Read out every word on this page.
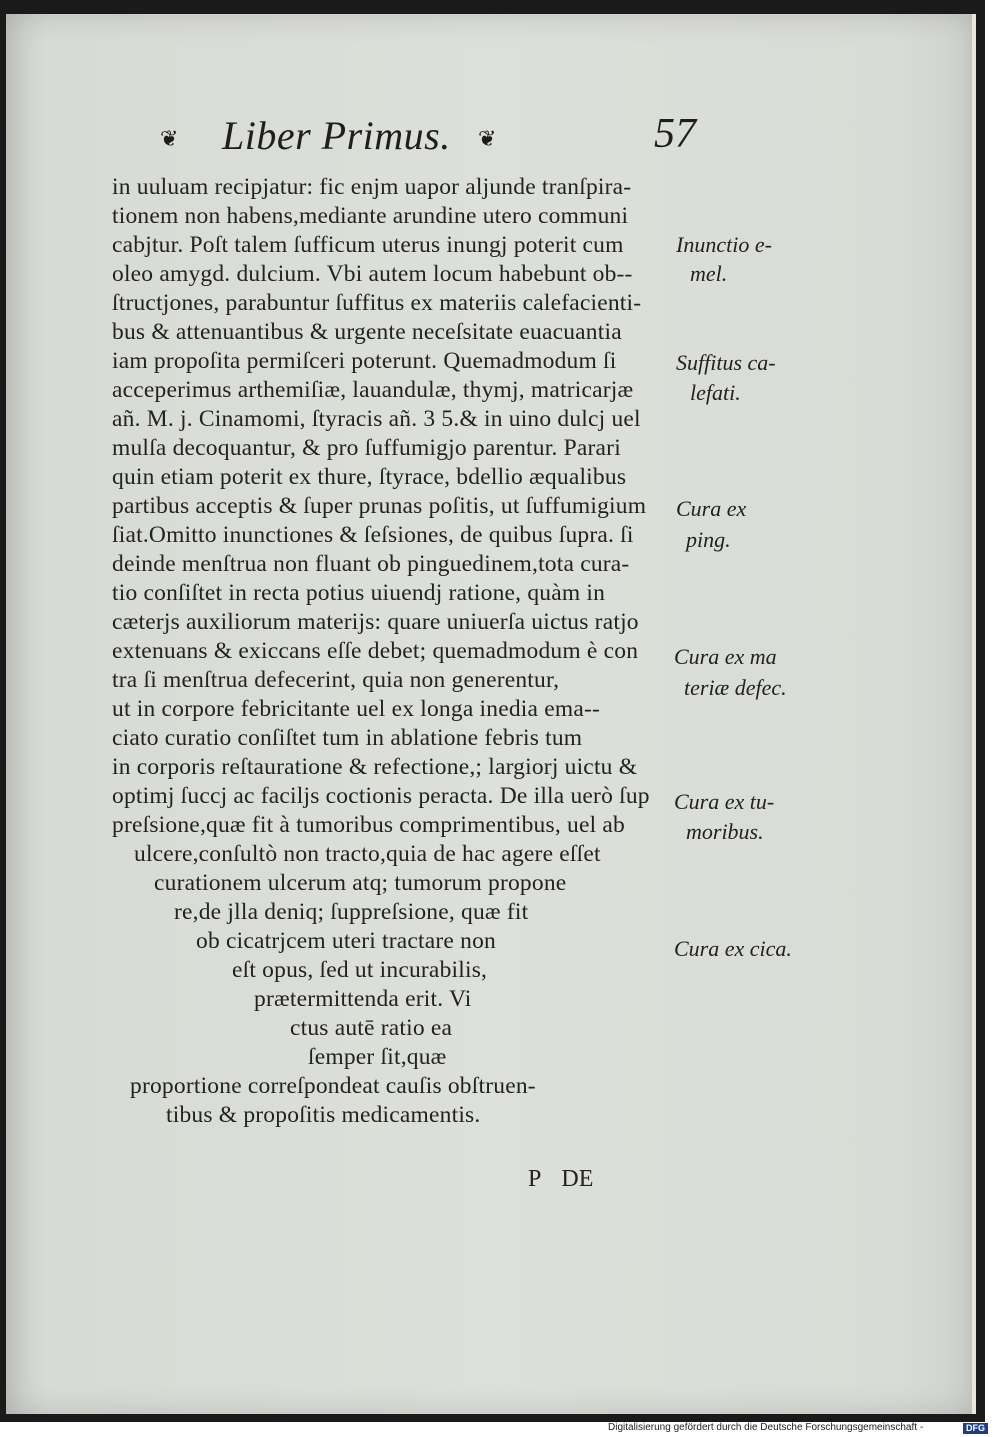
❦ Liber Primus. ❦	57
in uuluam recipjatur: fic enjm uapor aljunde tranſpira-
tionem non habens,mediante arundine utero communi
cabjtur. Poſt talem ſufficum uterus inungj poterit cum
oleo amygd. dulcium. Vbi autem locum habebunt ob--
ſtructjones, parabuntur ſuffitus ex materiis calefacienti-
bus & attenuantibus & urgente neceſsitate euacuantia
iam propoſita permiſceri poterunt. Quemadmodum ſi
acceperimus arthemiſiæ, lauandulæ, thymj, matricarjæ
añ. M. j. Cinamomi, ſtyracis añ. 3 5.& in uino dulcj uel
mulſa decoquantur, & pro ſuffumigjo parentur. Parari
quin etiam poterit ex thure, ſtyrace, bdellio æqualibus
partibus acceptis & ſuper prunas poſitis, ut ſuffumigium
ſiat.Omitto inunctiones & ſeſsiones, de quibus ſupra. ſi
deinde menſtrua non fluant ob pinguedinem,tota cura-
tio conſiſtet in recta potius uiuendj ratione, quàm in
cæterjs auxiliorum materijs: quare uniuerſa uictus ratjo
extenuans & exiccans eſſe debet; quemadmodum è con
tra ſi menſtrua defecerint, quia non generentur,
ut in corpore febricitante uel ex longa inedia ema--
ciato curatio conſiſtet tum in ablatione febris tum
in corporis reſtauratione & refectione,; largiorj uictu &
optimj ſuccj ac faciljs coctionis peracta. De illa uerò ſup
preſsione,quæ fit à tumoribus comprimentibus, uel ab
ulcere,conſultò non tracto,quia de hac agere eſſet
curationem ulcerum atq; tumorum propone
re,de jlla deniq; ſuppreſsione, quæ fit
ob cicatrjcem uteri tractare non
eſt opus, ſed ut incurabilis,
prætermittenda erit. Vi
ctus autē ratio ea
ſemper ſit,quæ
proportione correſpondeat cauſis obſtruen-
tibus & propoſitis medicamentis.
Inunctio e-
mel.
Suffitus ca-
lefati.
Cura ex
ping.
Cura ex ma
teriæ defec.
Cura ex tu-
moribus.
Cura ex cica.
P DE
Digitalisierung gefördert durch die Deutsche Forschungsgemeinschaft -	DFG
